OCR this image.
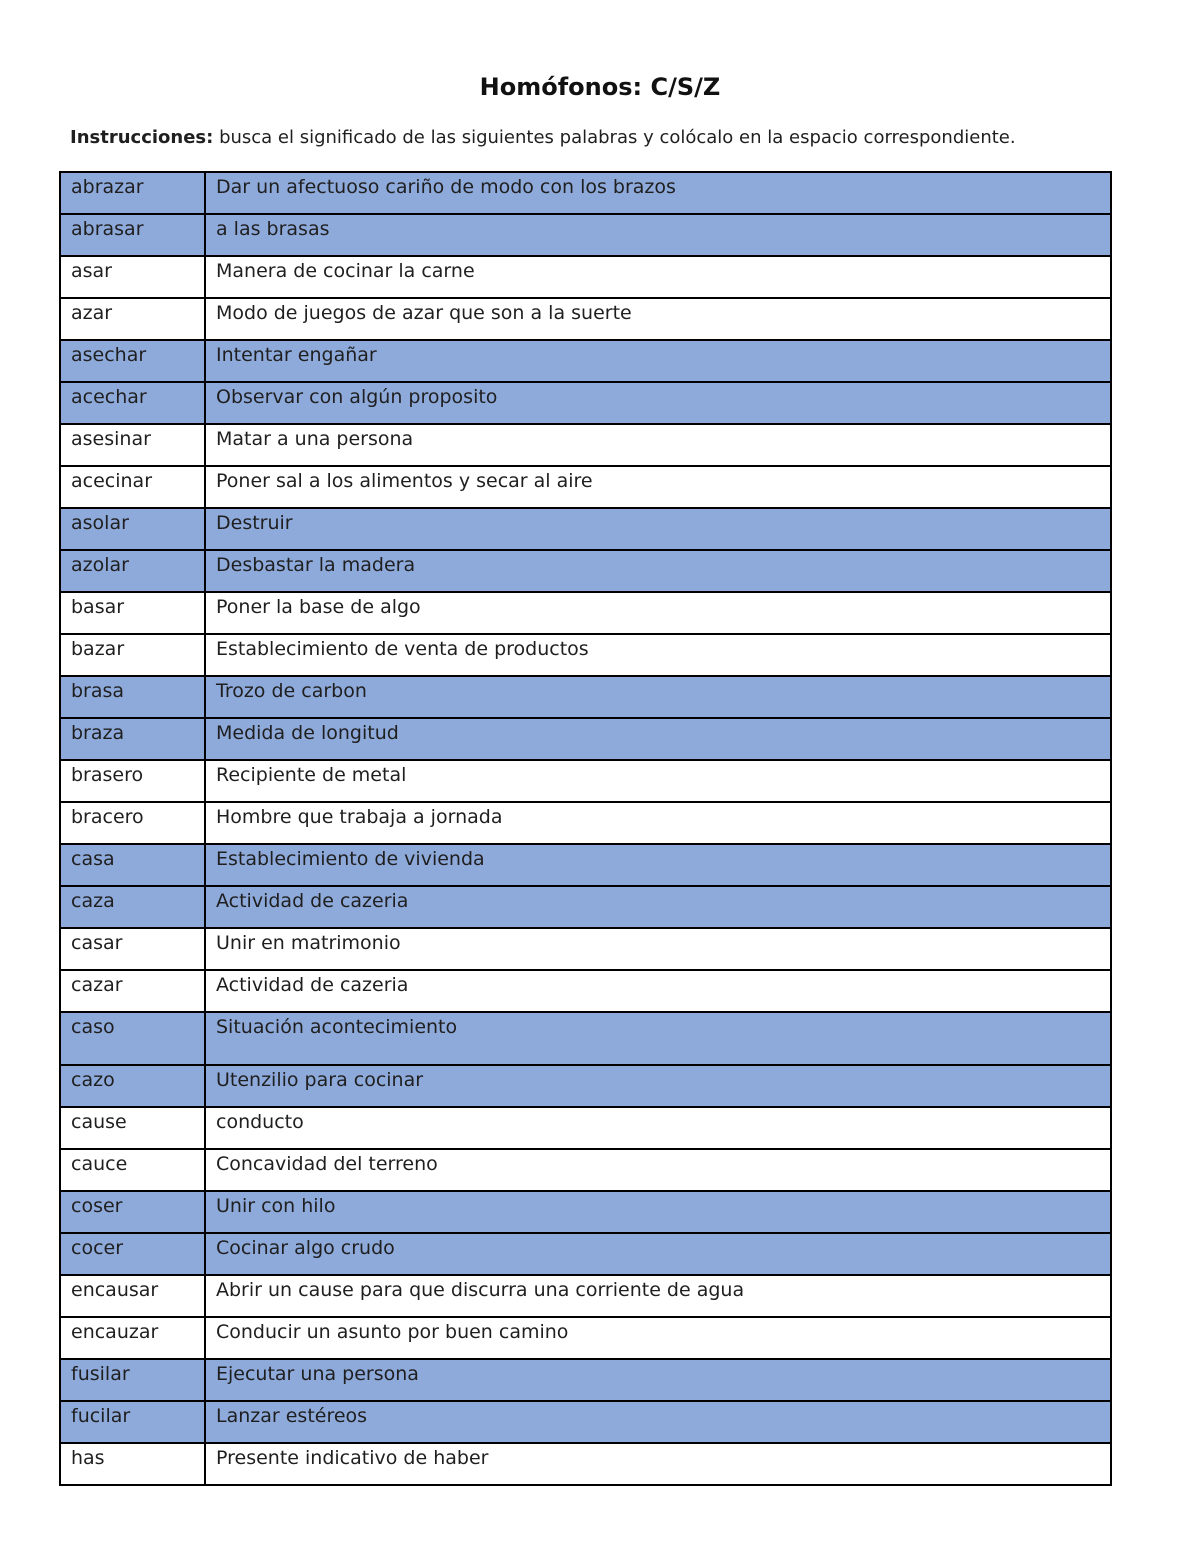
Homófonos: C/S/Z
Instrucciones: busca el significado de las siguientes palabras y colócalo en la espacio correspondiente.
abrazar	Dar un afectuoso cariño de modo con los brazos
abrasar	a las brasas
asar	Manera de cocinar la carne
azar	Modo de juegos de azar que son a la suerte
asechar	Intentar engañar
acechar	Observar con algún proposito
asesinar	Matar a una persona
acecinar	Poner sal a los alimentos y secar al aire
asolar	Destruir
azolar	Desbastar la madera
basar	Poner la base de algo
bazar	Establecimiento de venta de productos
brasa	Trozo de carbon
braza	Medida de longitud
brasero	Recipiente de metal
bracero	Hombre que trabaja a jornada
casa	Establecimiento de vivienda
caza	Actividad de cazeria
casar	Unir en matrimonio
cazar	Actividad de cazeria
caso	Situación acontecimiento
cazo	Utenzilio para cocinar
cause	conducto
cauce	Concavidad del terreno
coser	Unir con hilo
cocer	Cocinar algo crudo
encausar	Abrir un cause para que discurra una corriente de agua
encauzar	Conducir un asunto por buen camino
fusilar	Ejecutar una persona
fucilar	Lanzar estéreos
has	Presente indicativo de haber
